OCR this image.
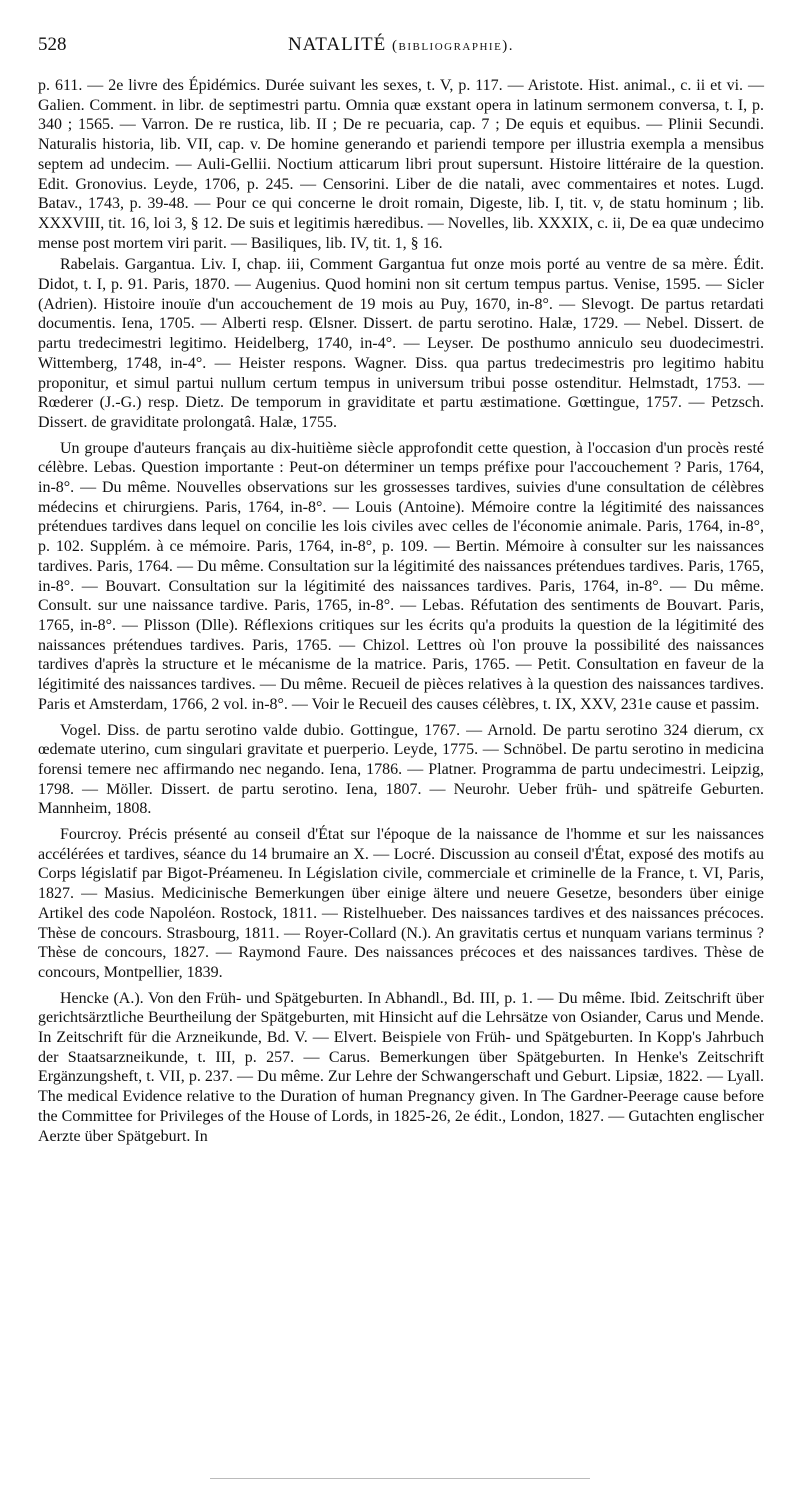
528	NATALITÉ (bibliographie).

p. 611. — 2e livre des Épidémics. Durée suivant les sexes, t. V, p. 117. — Aristote. Hist. animal., c. ii et vi. — Galien. Comment. in libr. de septimestri partu. Omnia quæ exstant opera in latinum sermonem conversa, t. I, p. 340 ; 1565. — Varron. De re rustica, lib. II ; De re pecuaria, cap. 7 ; De equis et equibus. — Plinii Secundi. Naturalis historia, lib. VII, cap. v. De homine generando et pariendi tempore per illustria exempla a mensibus septem ad undecim. — Auli-Gellii. Noctium atticarum libri prout supersunt. Histoire littéraire de la question. Edit. Gronovius. Leyde, 1706, p. 245. — Censorini. Liber de die natali, avec commentaires et notes. Lugd. Batav., 1743, p. 39-48. — Pour ce qui concerne le droit romain, Digeste, lib. I, tit. v, de statu hominum ; lib. XXXVIII, tit. 16, loi 3, § 12. De suis et legitimis hæredibus. — Novelles, lib. XXXIX, c. ii, De ea quæ undecimo mense post mortem viri parit. — Basiliques, lib. IV, tit. 1, § 16.

Rabelais. Gargantua. Liv. I, chap. iii, Comment Gargantua fut onze mois porté au ventre de sa mère. Édit. Didot, t. I, p. 91. Paris, 1870. — Augenius. Quod homini non sit certum tempus partus. Venise, 1595. — Sicler (Adrien). Histoire inouïe d'un accouchement de 19 mois au Puy, 1670, in-8°. — Slevogt. De partus retardati documentis. Iena, 1705. — Alberti resp. Œlsner. Dissert. de partu serotino. Halæ, 1729. — Nebel. Dissert. de partu tredecimestri legitimo. Heidelberg, 1740, in-4°. — Leyser. De posthumo anniculo seu duodecimestri. Wittemberg, 1748, in-4°. — Heister respons. Wagner. Diss. qua partus tredecimestris pro legitimo habitu proponitur, et simul partui nullum certum tempus in universum tribui posse ostenditur. Helmstadt, 1753. — Rœderer (J.-G.) resp. Dietz. De temporum in graviditate et partu æstimatione. Gœttingue, 1757. — Petzsch. Dissert. de graviditate prolongatâ. Halæ, 1755.

Un groupe d'auteurs français au dix-huitième siècle approfondit cette question, à l'occasion d'un procès resté célèbre. Lebas. Question importante : Peut-on déterminer un temps préfixe pour l'accouchement ? Paris, 1764, in-8°. — Du même. Nouvelles observations sur les grossesses tardives, suivies d'une consultation de célèbres médecins et chirurgiens. Paris, 1764, in-8°. — Louis (Antoine). Mémoire contre la légitimité des naissances prétendues tardives dans lequel on concilie les lois civiles avec celles de l'économie animale. Paris, 1764, in-8°, p. 102. Supplém. à ce mémoire. Paris, 1764, in-8°, p. 109. — Bertin. Mémoire à consulter sur les naissances tardives. Paris, 1764. — Du même. Consultation sur la légitimité des naissances prétendues tardives. Paris, 1765, in-8°. — Bouvart. Consultation sur la légitimité des naissances tardives. Paris, 1764, in-8°. — Du même. Consult. sur une naissance tardive. Paris, 1765, in-8°. — Lebas. Réfutation des sentiments de Bouvart. Paris, 1765, in-8°. — Plisson (Dlle). Réflexions critiques sur les écrits qu'a produits la question de la légitimité des naissances prétendues tardives. Paris, 1765. — Chizol. Lettres où l'on prouve la possibilité des naissances tardives d'après la structure et le mécanisme de la matrice. Paris, 1765. — Petit. Consultation en faveur de la légitimité des naissances tardives. — Du même. Recueil de pièces relatives à la question des naissances tardives. Paris et Amsterdam, 1766, 2 vol. in-8°. — Voir le Recueil des causes célèbres, t. IX, XXV, 231e cause et passim.

Vogel. Diss. de partu serotino valde dubio. Gottingue, 1767. — Arnold. De partu serotino 324 dierum, cx œdemate uterino, cum singulari gravitate et puerperio. Leyde, 1775. — Schnöbel. De partu serotino in medicina forensi temere nec affirmando nec negando. Iena, 1786. — Platner. Programma de partu undecimestri. Leipzig, 1798. — Möller. Dissert. de partu serotino. Iena, 1807. — Neurohr. Ueber früh- und spätreife Geburten. Mannheim, 1808.

Fourcroy. Précis présenté au conseil d'État sur l'époque de la naissance de l'homme et sur les naissances accélérées et tardives, séance du 14 brumaire an X. — Locré. Discussion au conseil d'État, exposé des motifs au Corps législatif par Bigot-Préameneu. In Législation civile, commerciale et criminelle de la France, t. VI, Paris, 1827. — Masius. Medicinische Bemerkungen über einige ältere und neuere Gesetze, besonders über einige Artikel des code Napoléon. Rostock, 1811. — Ristelhueber. Des naissances tardives et des naissances précoces. Thèse de concours. Strasbourg, 1811. — Royer-Collard (N.). An gravitatis certus et nunquam varians terminus ? Thèse de concours, 1827. — Raymond Faure. Des naissances précoces et des naissances tardives. Thèse de concours, Montpellier, 1839.

Hencke (A.). Von den Früh- und Spätgeburten. In Abhandl., Bd. III, p. 1. — Du même. Ibid. Zeitschrift über gerichtsärztliche Beurtheilung der Spätgeburten, mit Hinsicht auf die Lehrsätze von Osiander, Carus und Mende. In Zeitschrift für die Arzneikunde, Bd. V. — Elvert. Beispiele von Früh- und Spätgeburten. In Kopp's Jahrbuch der Staatsarzneikunde, t. III, p. 257. — Carus. Bemerkungen über Spätgeburten. In Henke's Zeitschrift Ergänzungsheft, t. VII, p. 237. — Du même. Zur Lehre der Schwangerschaft und Geburt. Lipsiæ, 1822. — Lyall. The medical Evidence relative to the Duration of human Pregnancy given. In The Gardner-Peerage cause before the Committee for Privileges of the House of Lords, in 1825-26, 2e édit., London, 1827. — Gutachten englischer Aerzte über Spätgeburt. In
